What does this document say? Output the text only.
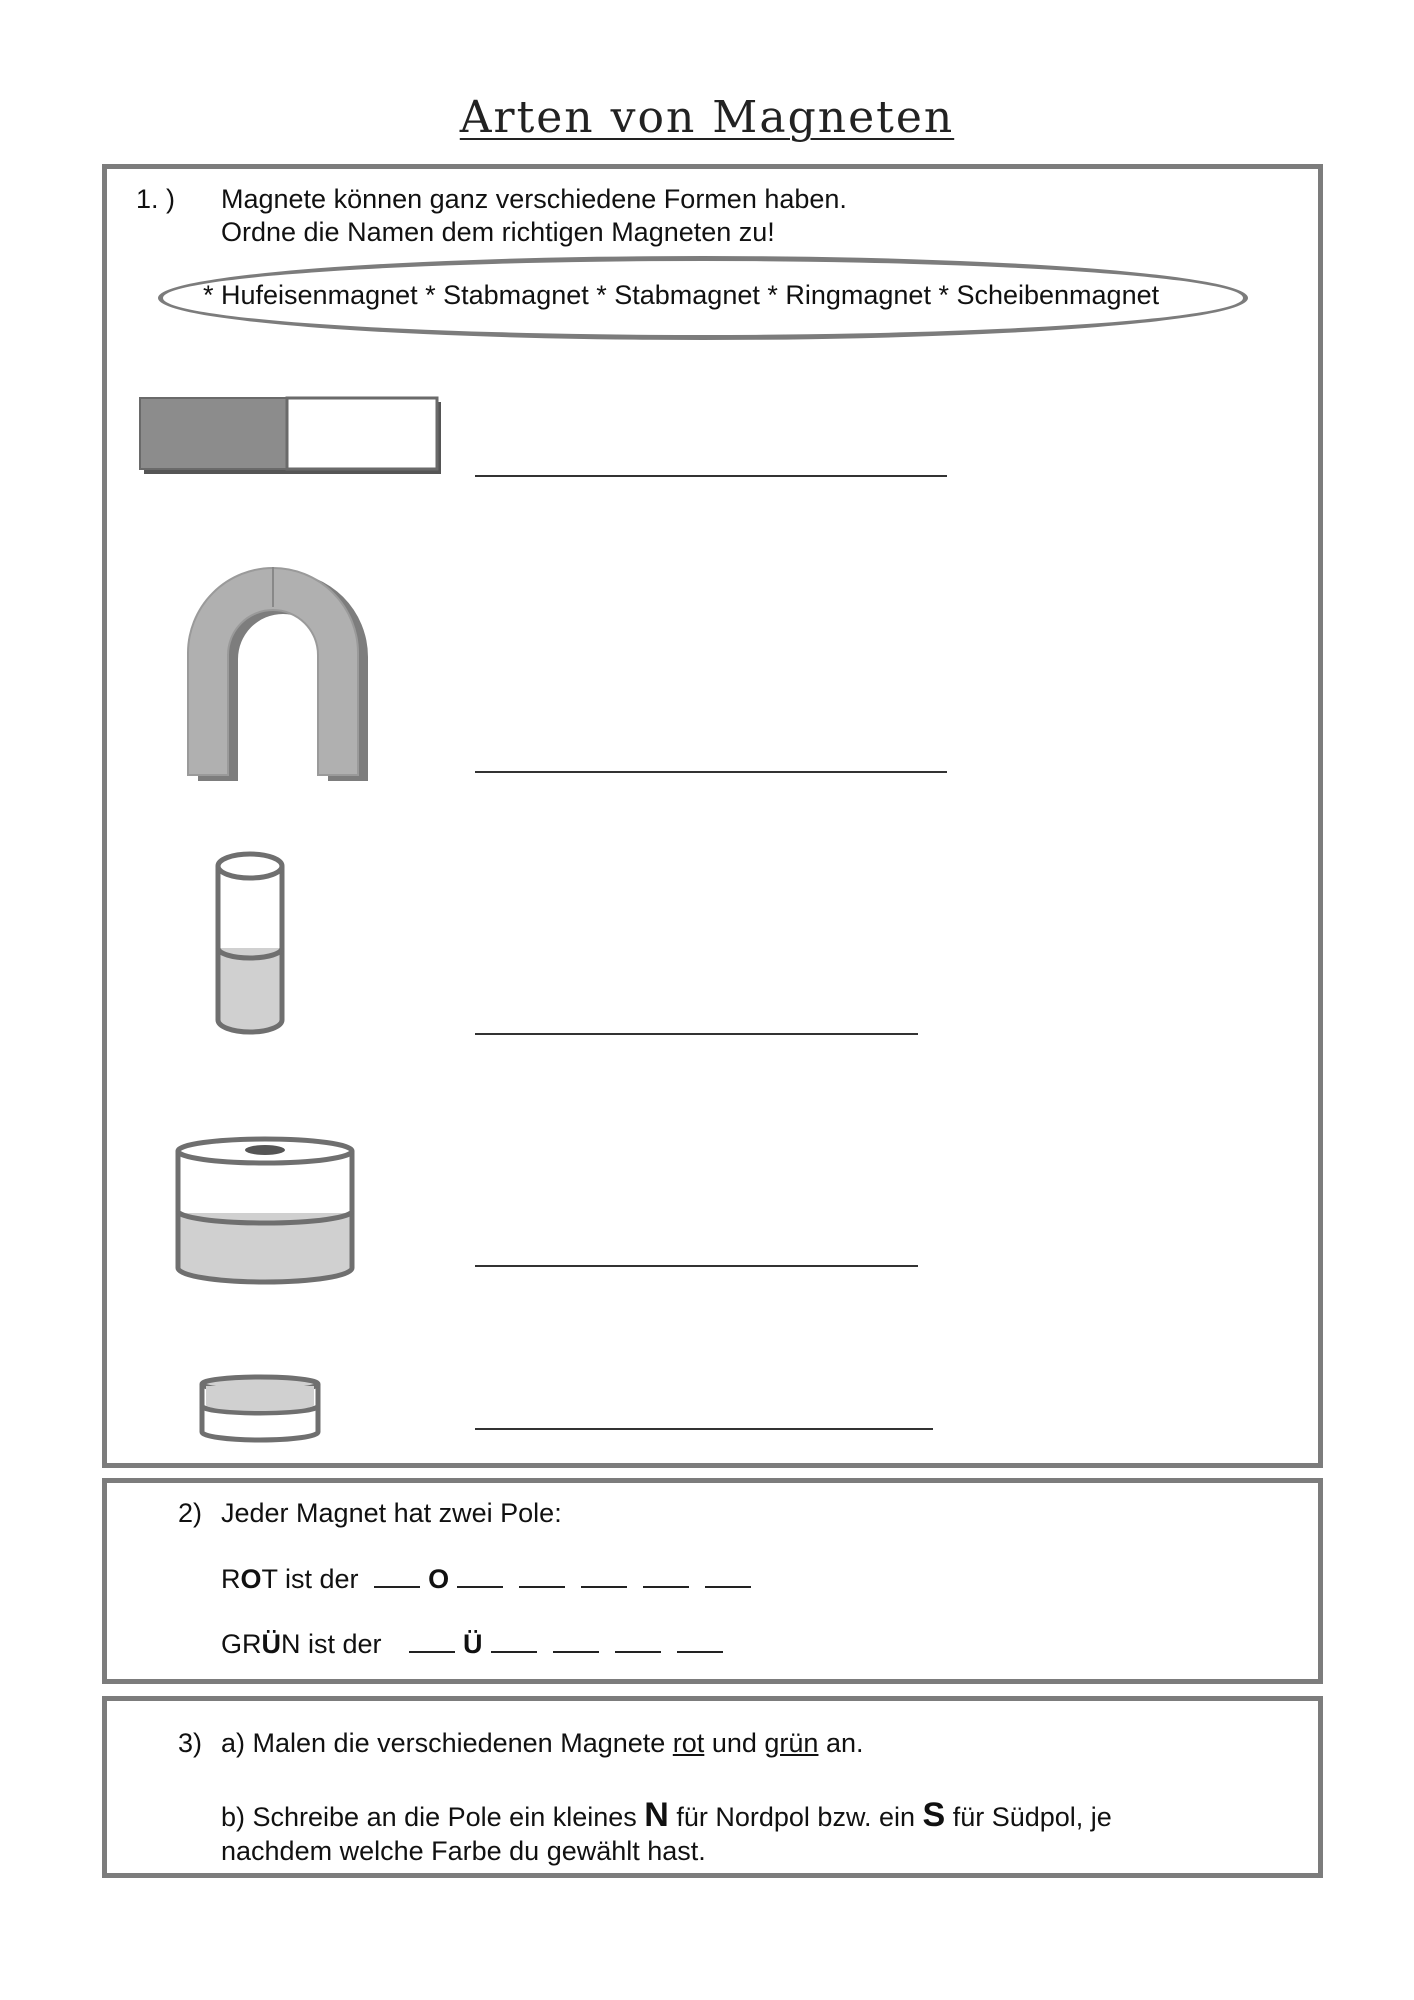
Arten von Magneten
1. ) Magnete können ganz verschiedene Formen haben.
Ordne die Namen dem richtigen Magneten zu!
* Hufeisenmagnet * Stabmagnet * Stabmagnet * Ringmagnet * Scheibenmagnet
2) Jeder Magnet hat zwei Pole:
ROT ist der	O
GRÜN ist der	Ü
3) a) Malen die verschiedenen Magnete rot und grün an.
b) Schreibe an die Pole ein kleines N für Nordpol bzw. ein S für Südpol, je
nachdem welche Farbe du gewählt hast.
